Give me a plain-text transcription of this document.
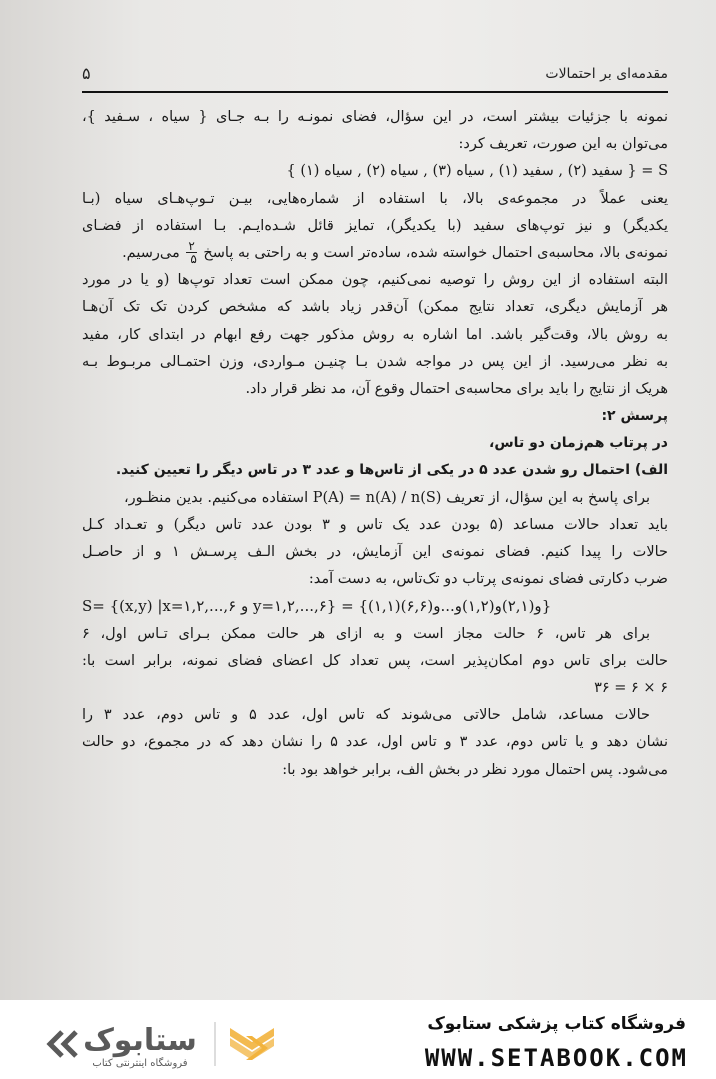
مقدمه‌ای بر احتمالات
۵
نمونه با جزئیات بیشتر است، در این سؤال، فضای نمونـه را بـه جـای { سیاه ، سـفید }،
می‌توان به این صورت، تعریف کرد:
S = { سفید (۲) , سفید (۱) , سیاه (۳) , سیاه (۲) , سیاه (۱) }
یعنی عملاً در مجموعه‌ی بالا، با استفاده از شماره‌هایی، بیـن تـوپ‌هـای سیاه (بـا
یکدیگر) و نیز توپ‌های سفید (با یکدیگر)، تمایز قائل شـده‌ایـم. بـا استفاده از فضـای
نمونه‌ی بالا، محاسبه‌ی احتمال خواسته شده، ساده‌تر است و به راحتی به پاسخ
$\frac{۲}{۵}$
می‌رسیم.
البته استفاده از این روش را توصیه نمی‌کنیم، چون ممکن است تعداد توپ‌ها (و یا در مورد
هر آزمایش دیگری، تعداد نتایج ممکن) آن‌قدر زیاد باشد که مشخص کردن تک تک آن‌هـا
به روش بالا، وقت‌گیر باشد. اما اشاره به روش مذکور جهت رفع ابهام در ابتدای کار، مفید
به نظر می‌رسید. از این پس در مواجه شدن بـا چنیـن مـواردی، وزن احتمـالی مربـوط بـه
هریک از نتایج را باید برای محاسبه‌ی احتمال وقوع آن، مد نظر قرار داد.
پرسش ۲:
در پرتاب هم‌زمان دو تاس،
الف) احتمال رو شدن عدد ۵ در یکی از تاس‌ها و عدد ۳ در تاس دیگر را تعیین کنید.
برای پاسخ به این سؤال، از تعریف P(A) = n(A) / n(S) استفاده می‌کنیم. بدین منظـور،
باید تعداد حالات مساعد (۵ بودن عدد یک تاس و ۳ بودن عدد تاس دیگر) و تعـداد کـل
حالات را پیدا کنیم. فضای نمونه‌ی این آزمایش، در بخش الـف پرسـش ۱ و از حاصـل
ضرب دکارتی فضای نمونه‌ی پرتاب دو تک‌تاس، به دست آمد:
S= {(x,y) |x=۱,۲,...,۶ و y=۱,۲,...,۶} = {(۱,۱)و(۲,۱)و(۱,۲)و...و(۶,۶)}
برای هر تاس، ۶ حالت مجاز است و به ازای هر حالت ممکن بـرای تـاس اول، ۶
حالت برای تاس دوم امکان‌پذیر است، پس تعداد کل اعضای فضای نمونه، برابر است با:
۶ × ۶ = ۳۶
حالات مساعد، شامل حالاتی می‌شوند که تاس اول، عدد ۵ و تاس دوم، عدد ۳ را
نشان دهد و یا تاس دوم، عدد ۳ و تاس اول، عدد ۵ را نشان دهد که در مجموع، دو حالت
می‌شود. پس احتمال مورد نظر در بخش الف، برابر خواهد بود با:
ستابوک
فروشگاه اینترنتی کتاب
فروشگاه کتاب پزشکی ستابوک
WWW.SETABOOK.COM
